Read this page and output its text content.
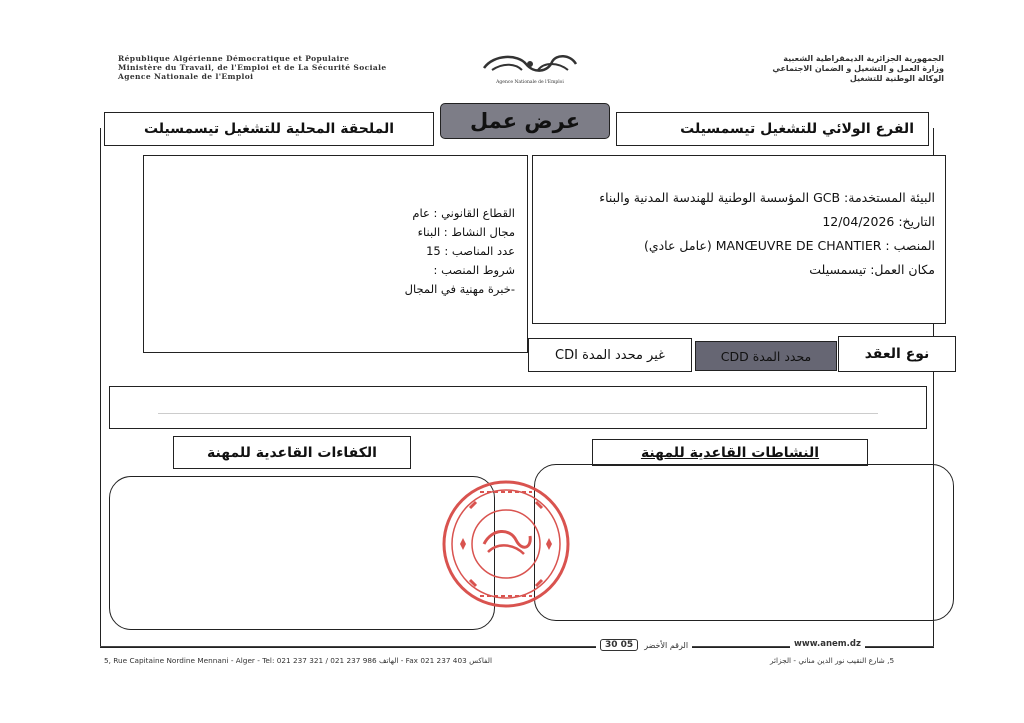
République Algérienne Démocratique et Populaire
Ministère du Travail, de l'Emploi et de La Sécurité Sociale
Agence Nationale de l'Emploi
Agence Nationale de l'Emploi
الجمهورية الجزائرية الديمقراطية الشعبية
وزارة العمل و التشغيل و الضمان الاجتماعي
الوكالة الوطنية للتشغيل
الملحقة المحلية للتشغيل تيسمسيلت	عرض عمل	الفرع الولائي للتشغيل تيسمسيلت
القطاع القانوني : عام
مجال النشاط : البناء
عدد المناصب : 15
شروط المنصب :
-خبرة مهنية في المجال
البيئة المستخدمة: GCB المؤسسة الوطنية للهندسة المدنية والبناء
التاريخ: 12/04/2026
المنصب : MANŒUVRE DE CHANTIER (عامل عادي)
مكان العمل: تيسمسيلت
غير محدد المدة CDI	محدد المدة CDD	نوع العقد
الكفاءات القاعدية للمهنة	النشاطات القاعدية للمهنة
30 05	الرقم الأخضر	www.anem.dz
5, Rue Capitaine Nordine Mennani - Alger - Tel: 021 237 321 / 021 237 986 الهاتف - Fax 021 237 403 الفاكس	5, شارع النقيب نور الدين مناني - الجزائر
